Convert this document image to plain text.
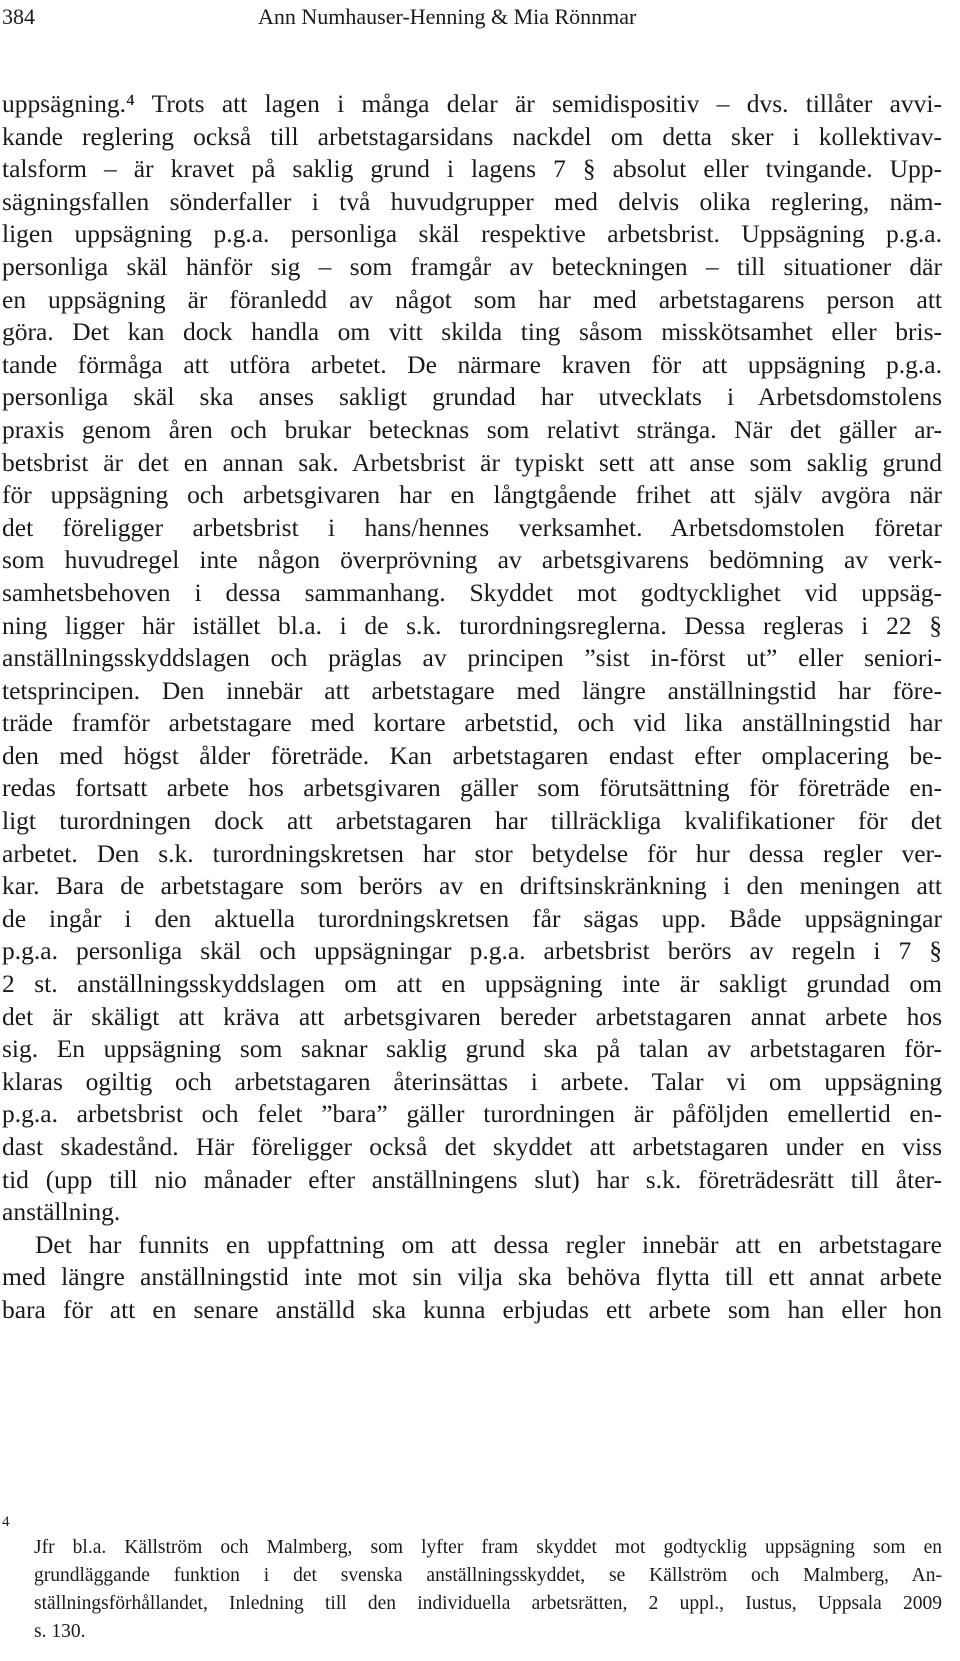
384	Ann Numhauser-Henning & Mia Rönnmar
uppsägning.⁴ Trots att lagen i många delar är semidispositiv – dvs. tillåter avvi-
kande reglering också till arbetstagarsidans nackdel om detta sker i kollektivav-
talsform – är kravet på saklig grund i lagens 7 § absolut eller tvingande. Upp-
sägningsfallen sönderfaller i två huvudgrupper med delvis olika reglering, näm-
ligen uppsägning p.g.a. personliga skäl respektive arbetsbrist. Uppsägning p.g.a.
personliga skäl hänför sig – som framgår av beteckningen – till situationer där
en uppsägning är föranledd av något som har med arbetstagarens person att
göra. Det kan dock handla om vitt skilda ting såsom misskötsamhet eller bris-
tande förmåga att utföra arbetet. De närmare kraven för att uppsägning p.g.a.
personliga skäl ska anses sakligt grundad har utvecklats i Arbetsdomstolens
praxis genom åren och brukar betecknas som relativt stränga. När det gäller ar-
betsbrist är det en annan sak. Arbetsbrist är typiskt sett att anse som saklig grund
för uppsägning och arbetsgivaren har en långtgående frihet att själv avgöra när
det föreligger arbetsbrist i hans/hennes verksamhet. Arbetsdomstolen företar
som huvudregel inte någon överprövning av arbetsgivarens bedömning av verk-
samhetsbehoven i dessa sammanhang. Skyddet mot godtycklighet vid uppsäg-
ning ligger här istället bl.a. i de s.k. turordningsreglerna. Dessa regleras i 22 §
anställningsskyddslagen och präglas av principen ”sist in-först ut” eller seniori-
tetsprincipen. Den innebär att arbetstagare med längre anställningstid har före-
träde framför arbetstagare med kortare arbetstid, och vid lika anställningstid har
den med högst ålder företräde. Kan arbetstagaren endast efter omplacering be-
redas fortsatt arbete hos arbetsgivaren gäller som förutsättning för företräde en-
ligt turordningen dock att arbetstagaren har tillräckliga kvalifikationer för det
arbetet. Den s.k. turordningskretsen har stor betydelse för hur dessa regler ver-
kar. Bara de arbetstagare som berörs av en driftsinskränkning i den meningen att
de ingår i den aktuella turordningskretsen får sägas upp. Både uppsägningar
p.g.a. personliga skäl och uppsägningar p.g.a. arbetsbrist berörs av regeln i 7 §
2 st. anställningsskyddslagen om att en uppsägning inte är sakligt grundad om
det är skäligt att kräva att arbetsgivaren bereder arbetstagaren annat arbete hos
sig. En uppsägning som saknar saklig grund ska på talan av arbetstagaren för-
klaras ogiltig och arbetstagaren återinsättas i arbete. Talar vi om uppsägning
p.g.a. arbetsbrist och felet ”bara” gäller turordningen är påföljden emellertid en-
dast skadestånd. Här föreligger också det skyddet att arbetstagaren under en viss
tid (upp till nio månader efter anställningens slut) har s.k. företrädesrätt till åter-
anställning.
Det har funnits en uppfattning om att dessa regler innebär att en arbetstagare
med längre anställningstid inte mot sin vilja ska behöva flytta till ett annat arbete
bara för att en senare anställd ska kunna erbjudas ett arbete som han eller hon
4
Jfr bl.a. Källström och Malmberg, som lyfter fram skyddet mot godtycklig uppsägning som en
grundläggande funktion i det svenska anställningsskyddet, se Källström och Malmberg, An-
ställningsförhållandet, Inledning till den individuella arbetsrätten, 2 uppl., Iustus, Uppsala 2009
s. 130.
